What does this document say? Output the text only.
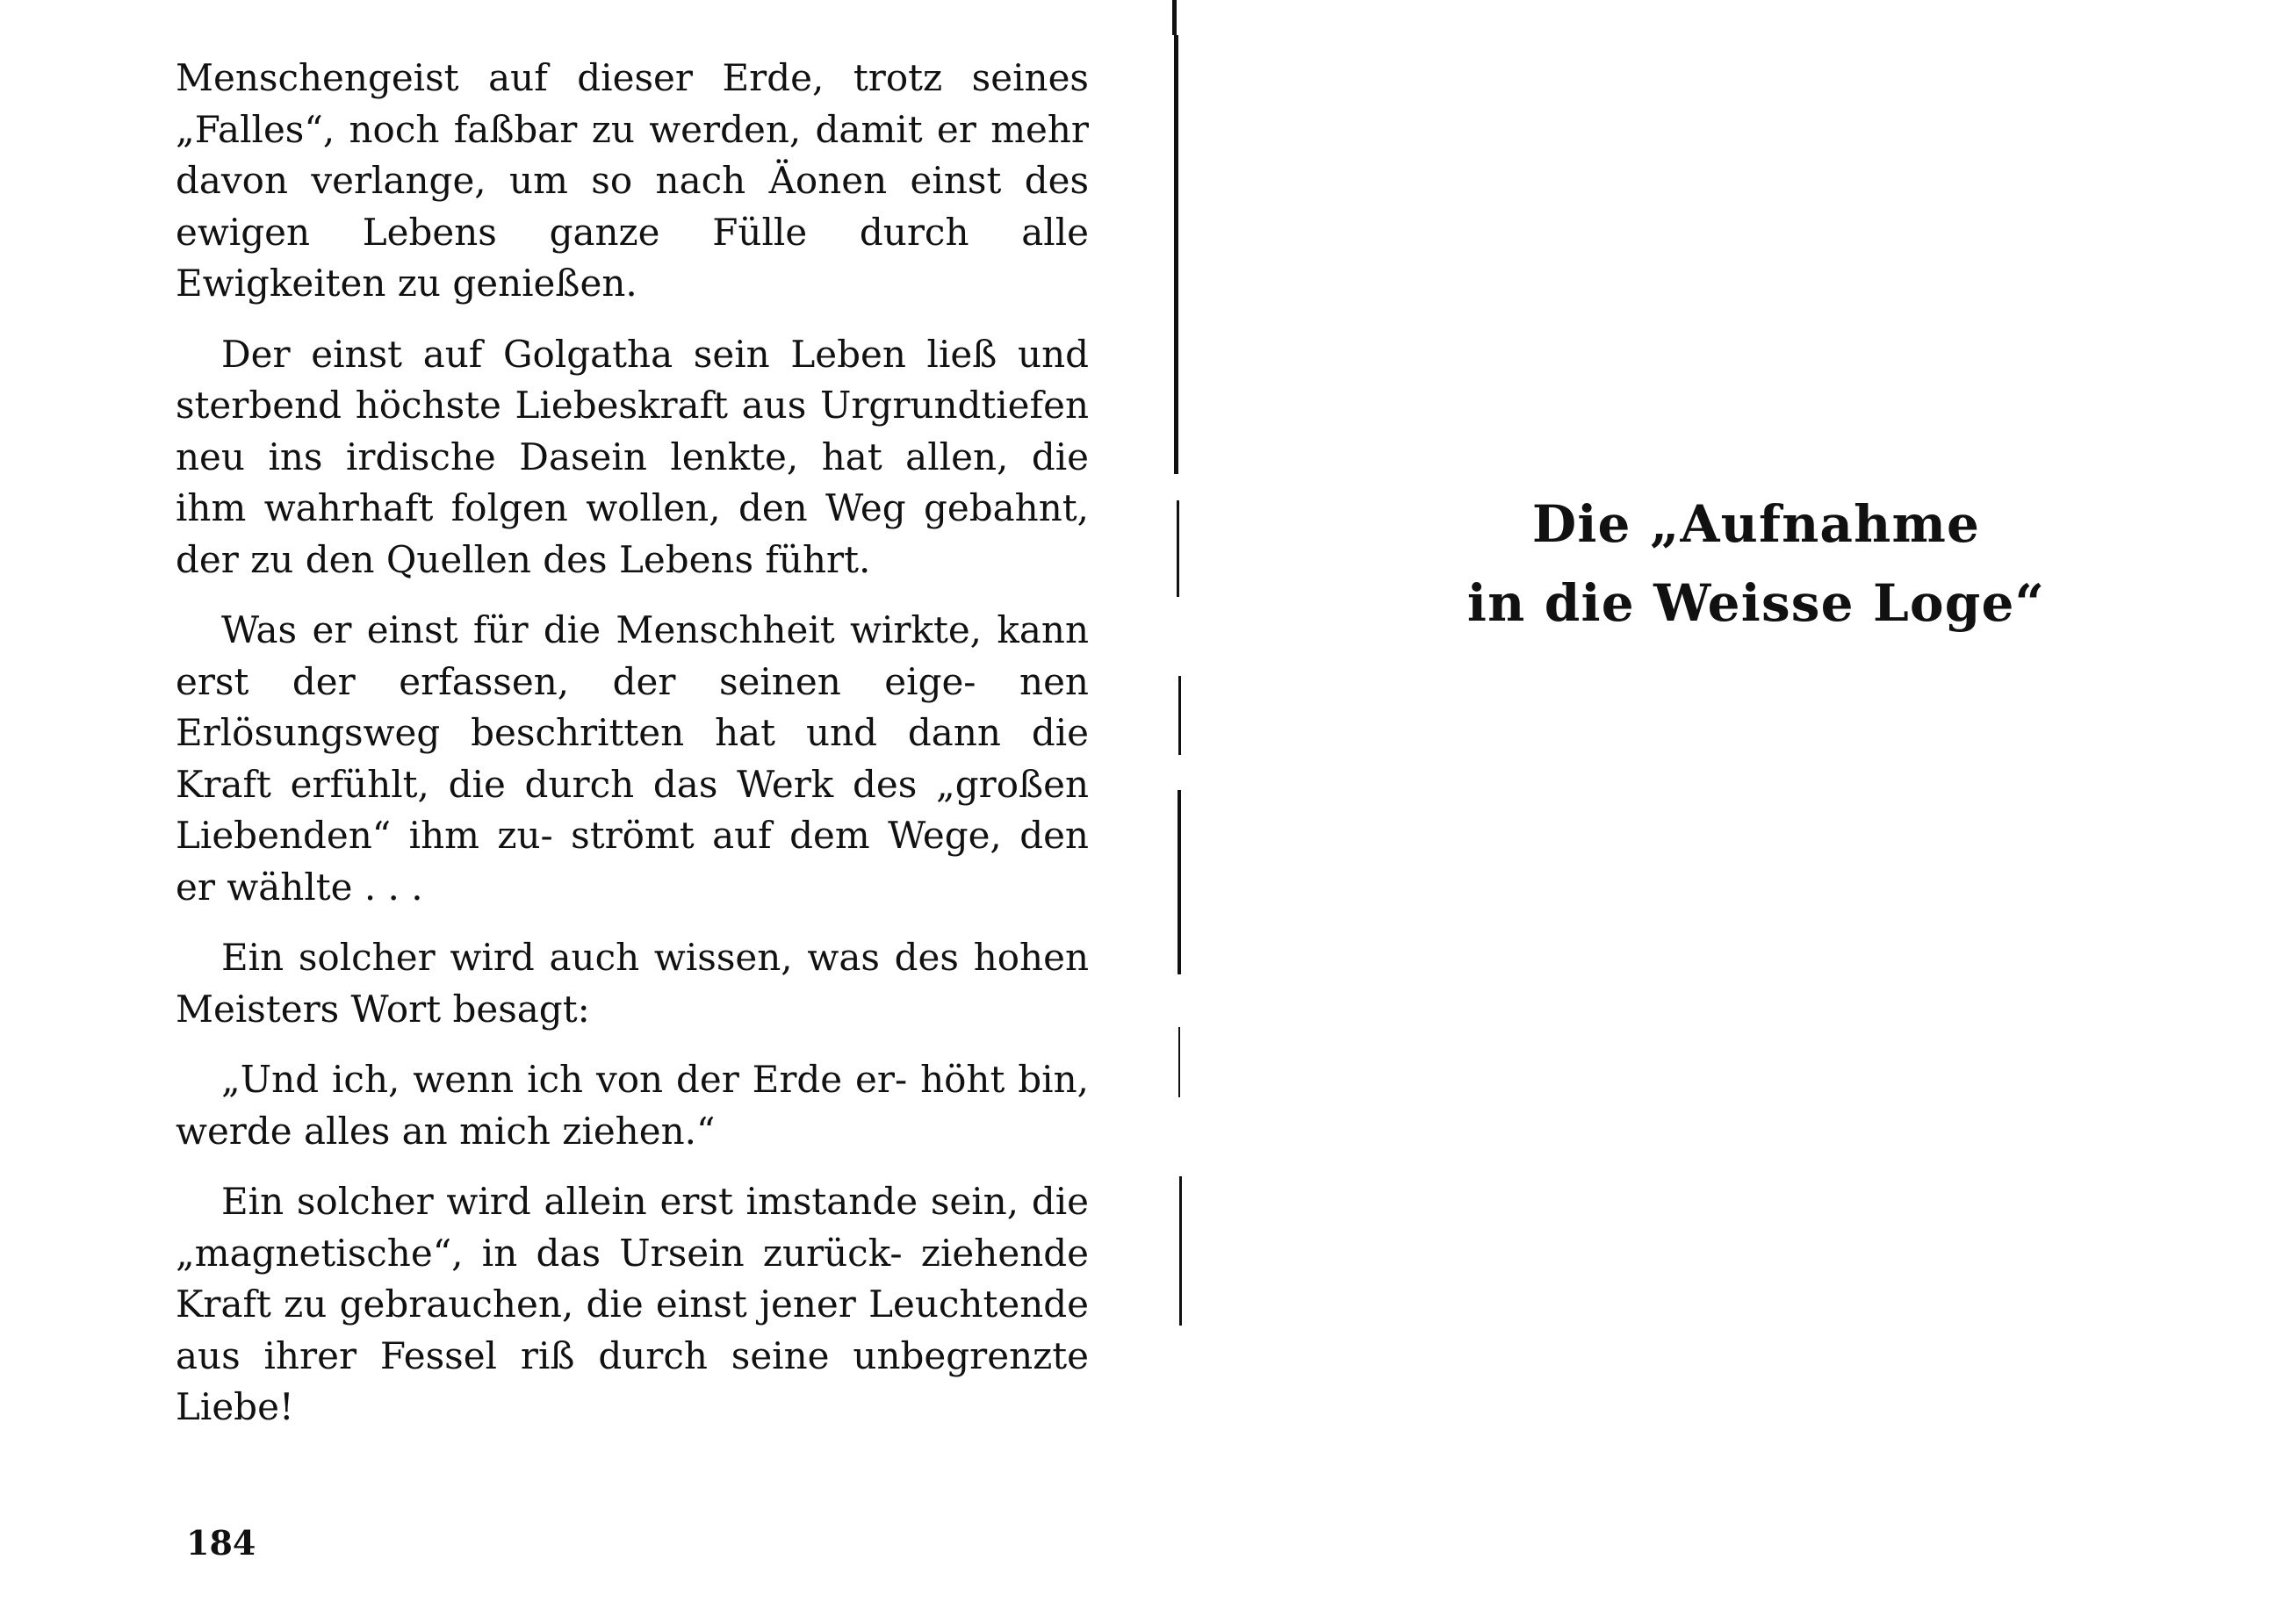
Menschengeist auf dieser Erde, trotz seines „Falles“, noch faßbar zu werden, damit er mehr davon verlange, um so nach Äonen einst des ewigen Lebens ganze Fülle durch alle Ewigkeiten zu genießen.

Der einst auf Golgatha sein Leben ließ und sterbend höchste Liebeskraft aus Urgrundtiefen neu ins irdische Dasein lenkte, hat allen, die ihm wahrhaft folgen wollen, den Weg gebahnt, der zu den Quellen des Lebens führt.

Was er einst für die Menschheit wirkte, kann erst der erfassen, der seinen eige- nen Erlösungsweg beschritten hat und dann die Kraft erfühlt, die durch das Werk des „großen Liebenden“ ihm zu- strömt auf dem Wege, den er wählte . . .

Ein solcher wird auch wissen, was des hohen Meisters Wort besagt:

„Und ich, wenn ich von der Erde er- höht bin, werde alles an mich ziehen.“

Ein solcher wird allein erst imstande sein, die „magnetische“, in das Ursein zurück- ziehende Kraft zu gebrauchen, die einst jener Leuchtende aus ihrer Fessel riß durch seine unbegrenzte Liebe!

184
Die „Aufnahme
in die Weisse Loge“
